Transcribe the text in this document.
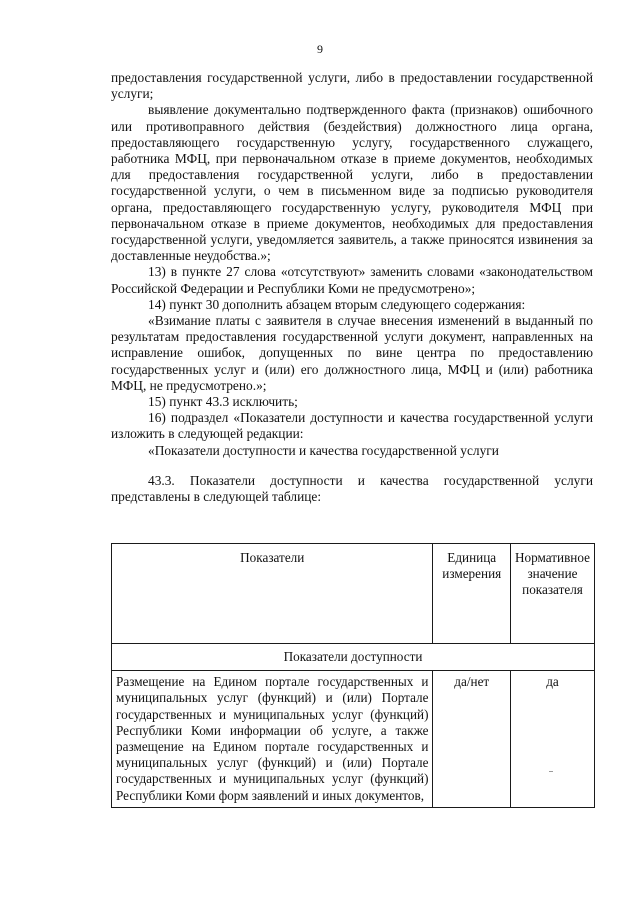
9

предоставления государственной услуги, либо в предоставлении государственной услуги;

выявление документально подтвержденного факта (признаков) ошибочного или противоправного действия (бездействия) должностного лица органа, предоставляющего государственную услугу, государственного служащего, работника МФЦ, при первоначальном отказе в приеме документов, необходимых для предоставления государственной услуги, либо в предоставлении государственной услуги, о чем в письменном виде за подписью руководителя органа, предоставляющего государственную услугу, руководителя МФЦ при первоначальном отказе в приеме документов, необходимых для предоставления государственной услуги, уведомляется заявитель, а также приносятся извинения за доставленные неудобства.»;

13) в пункте 27 слова «отсутствуют» заменить словами «законодательством Российской Федерации и Республики Коми не предусмотрено»;

14) пункт 30 дополнить абзацем вторым следующего содержания:

«Взимание платы с заявителя в случае внесения изменений в выданный по результатам предоставления государственной услуги документ, направленных на исправление ошибок, допущенных по вине центра по предоставлению государственных услуг и (или) его должностного лица, МФЦ и (или) работника МФЦ, не предусмотрено.»;

15) пункт 43.3 исключить;

16) подраздел «Показатели доступности и качества государственной услуги изложить в следующей редакции:

«Показатели доступности и качества государственной услуги

43.3. Показатели доступности и качества государственной услуги представлены в следующей таблице:

Показатели	Единица измерения	Нормативное значение показателя
Показатели доступности		
Размещение на Едином портале государственных и муниципальных услуг (функций) и (или) Портале государственных и муниципальных услуг (функций) Республики Коми информации об услуге, а также размещение на Едином портале государственных и муниципальных услуг (функций) и (или) Портале государственных и муниципальных услуг (функций) Республики Коми форм заявлений и иных документов,	да/нет	да
